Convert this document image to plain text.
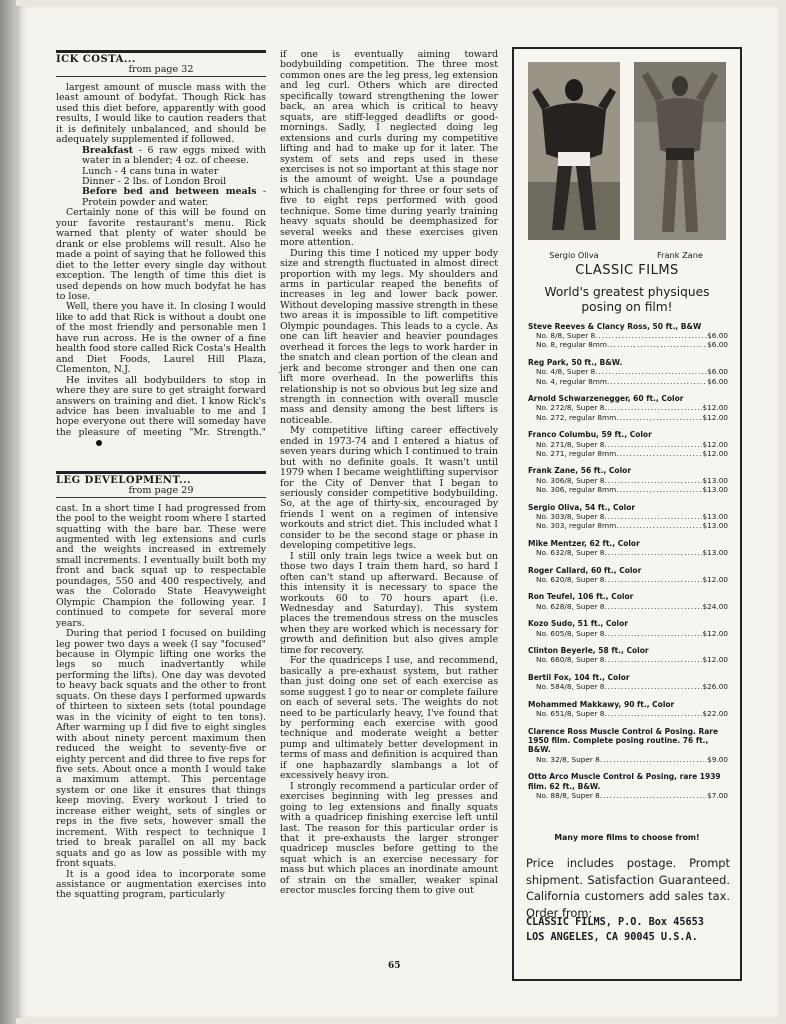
ICK COSTA...

from page 32

largest amount of muscle mass with the least amount of bodyfat. Though Rick has used this diet before, apparently with good results, I would like to caution readers that it is definitely unbalanced, and should be adequately supplemented if followed.

Breakfast - 6 raw eggs mixed with water in a blender; 4 oz. of cheese.

Lunch - 4 cans tuna in water

Dinner - 2 lbs. of London Broil

Before bed and between meals - Protein powder and water.

Certainly none of this will be found on your favorite restaurant's menu. Rick warned that plenty of water should be drank or else problems will result. Also he made a point of saying that he followed this diet to the letter every single day without exception. The length of time this diet is used depends on how much bodyfat he has to lose.

Well, there you have it. In closing I would like to add that Rick is without a doubt one of the most friendly and personable men I have run across. He is the owner of a fine health food store called Rick Costa's Health and Diet Foods, Laurel Hill Plaza, Clementon, N.J.

He invites all bodybuilders to stop in where they are sure to get straight forward answers on training and diet. I know Rick's advice has been invaluable to me and I hope everyone out there will someday have the pleasure of meeting "Mr. Strength."

LEG DEVELOPMENT...

from page 29

cast. In a short time I had progressed from the pool to the weight room where I started squatting with the bare bar. These were augmented with leg extensions and curls and the weights increased in extremely small increments. I eventually built both my front and back squat up to respectable poundages, 550 and 400 respectively, and was the Colorado State Heavyweight Olympic Champion the following year. I continued to compete for several more years.

During that period I focused on building leg power two days a week (I say "focused" because in Olympic lifting one works the legs so much inadvertantly while performing the lifts). One day was devoted to heavy back squats and the other to front squats. On these days I performed upwards of thirteen to sixteen sets (total poundage was in the vicinity of eight to ten tons). After warming up I did five to eight singles with about ninety percent maximum then reduced the weight to seventy-five or eighty percent and did three to five reps for five sets. About once a month I would take a maximum attempt. This percentage system or one like it ensures that things keep moving. Every workout I tried to increase either weight, sets of singles or reps in the five sets, however small the increment. With respect to technique I tried to break parallel on all my back squats and go as low as possible with my front squats.

It is a good idea to incorporate some assistance or augmentation exercises into the squatting program, particularly

if one is eventually aiming toward bodybuilding competition. The three most common ones are the leg press, leg extension and leg curl. Others which are directed specifically toward strengthening the lower back, an area which is critical to heavy squats, are stiff-legged deadlifts or good-mornings. Sadly, I neglected doing leg extensions and curls during my competitive lifting and had to make up for it later. The system of sets and reps used in these exercises is not so important at this stage nor is the amount of weight. Use a poundage which is challenging for three or four sets of five to eight reps performed with good technique. Some time during yearly training heavy squats should be deemphasized for several weeks and these exercises given more attention.

During this time I noticed my upper body size and strength fluctuated in almost direct proportion with my legs. My shoulders and arms in particular reaped the benefits of increases in leg and lower back power. Without developing massive strength in these two areas it is impossible to lift competitive Olympic poundages. This leads to a cycle. As one can lift heavier and heavier poundages overhead it forces the legs to work harder in the snatch and clean portion of the clean and jerk and become stronger and then one can lift more overhead. In the powerlifts this relationship is not so obvious but leg size and strength in connection with overall muscle mass and density among the best lifters is noticeable.

My competitive lifting career effectively ended in 1973-74 and I entered a hiatus of seven years during which I continued to train but with no definite goals. It wasn't until 1979 when I became weightlifting supervisor for the City of Denver that I began to seriously consider competitive bodybuilding. So, at the age of thirty-six, encouraged by friends I went on a regimen of intensive workouts and strict diet. This included what I consider to be the second stage or phase in developing competitive legs.

I still only train legs twice a week but on those two days I train them hard, so hard I often can't stand up afterward. Because of this intensity it is necessary to space the workouts 60 to 70 hours apart (i.e. Wednesday and Saturday). This system places the tremendous stress on the muscles when they are worked which is necessary for growth and definition but also gives ample time for recovery.

For the quadriceps I use, and recommend, basically a pre-exhaust system, but rather than just doing one set of each exercise as some suggest I go to near or complete failure on each of several sets. The weights do not need to be particularly heavy, I've found that by performing each exercise with good technique and moderate weight a better pump and ultimately better development in terms of mass and definition is acquired than if one haphazardly slambangs a lot of excessively heavy iron.

I strongly recommend a particular order of exercises beginning with leg presses and going to leg extensions and finally squats with a quadricep finishing exercise left until last. The reason for this particular order is that it pre-exhausts the larger stronger quadricep muscles before getting to the squat which is an exercise necessary for mass but which places an inordinate amount of strain on the smaller, weaker spinal erector muscles forcing them to give out

65
Sergio Oliva	Frank Zane
CLASSIC FILMS
World's greatest physiques posing on film!
Steve Reeves & Clancy Ross, 50 ft., B&W
No. 8/8, Super 8 .....	$6.00
No. 8, regular 8mm .....	$6.00
Reg Park, 50 ft., B&W.
No. 4/8, Super 8 .....	$6.00
No. 4, regular 8mm .....	$6.00
Arnold Schwarzenegger, 60 ft., Color
No. 272/8, Super 8 .....	$12.00
No. 272, regular 8mm .....	$12.00
Franco Columbu, 59 ft., Color
No. 271/8, Super 8 .....	$12.00
No. 271, regular 8mm .....	$12.00
Frank Zane, 56 ft., Color
No. 306/8, Super 8 .....	$13.00
No. 306, regular 8mm .....	$13.00
Sergio Oliva, 54 ft., Color
No. 303/8, Super 8 .....	$13.00
No. 303, regular 8mm .....	$13.00
Mike Mentzer, 62 ft., Color
No. 632/8, Super 8 .....	$13.00
Roger Callard, 60 ft., Color
No. 620/8, Super 8 .....	$12.00
Ron Teufel, 106 ft., Color
No. 628/8, Super 8 .....	$24.00
Kozo Sudo, 51 ft., Color
No. 605/8, Super 8 .....	$12.00
Clinton Beyerle, 58 ft., Color
No. 660/8, Super 8 .....	$12.00
Bertil Fox, 104 ft., Color
No. 584/8, Super 8 .....	$26.00
Mohammed Makkawy, 90 ft., Color
No. 651/8, Super 8 .....	$22.00
Clarence Ross Muscle Control & Posing. Rare 1950 film. Complete posing routine. 76 ft., B&W.
No. 32/8, Super 8 .....	$9.00
Otto Arco Muscle Control & Posing, rare 1939 film. 62 ft., B&W.
No. 88/8, Super 8 .....	$7.00
Many more films to choose from!
Price includes postage. Prompt shipment. Satisfaction Guaranteed. California customers add sales tax. Order from:
CLASSIC FILMS, P.O. Box 45653
LOS ANGELES, CA 90045 U.S.A.
